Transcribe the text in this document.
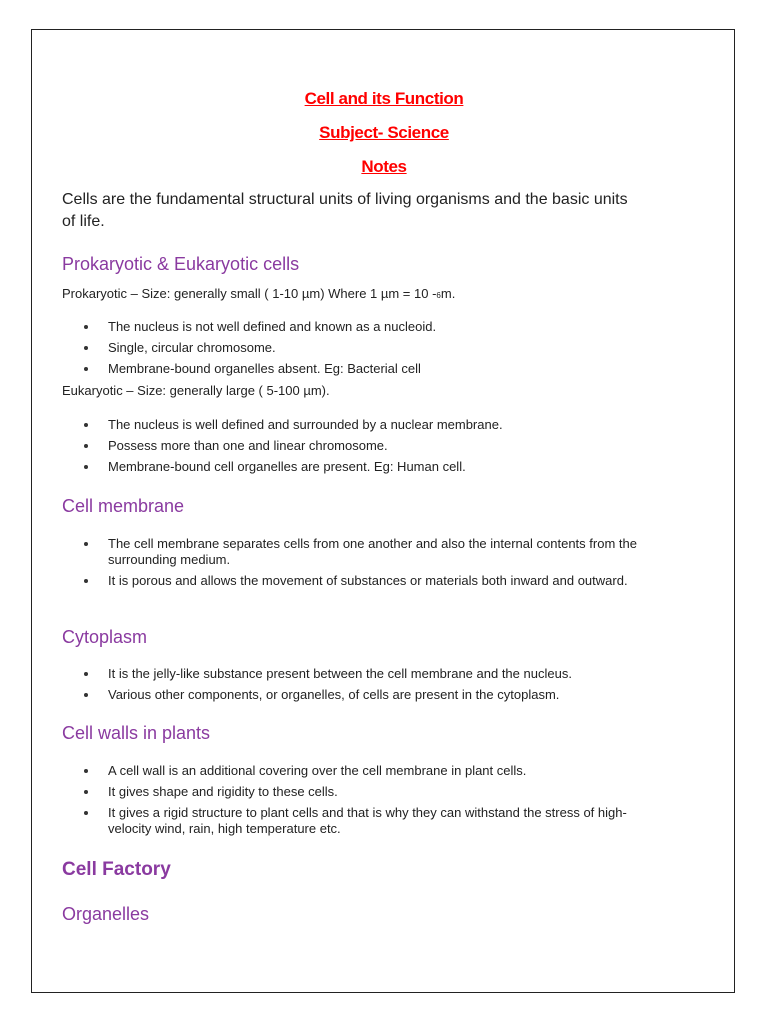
Cell and its Function
Subject- Science
Notes
Cells are the fundamental structural units of living organisms and the basic units of life.
Prokaryotic & Eukaryotic cells
Prokaryotic – Size: generally small ( 1-10 µm) Where 1 µm = 10 -6m.
The nucleus is not well defined and known as a nucleoid.
Single, circular chromosome.
Membrane-bound organelles absent. Eg: Bacterial cell
Eukaryotic – Size: generally large ( 5-100 µm).
The nucleus is well defined and surrounded by a nuclear membrane.
Possess more than one and linear chromosome.
Membrane-bound cell organelles are present. Eg: Human cell.
Cell membrane
The cell membrane separates cells from one another and also the internal contents from the surrounding medium.
It is porous and allows the movement of substances or materials both inward and outward.
Cytoplasm
It is the jelly-like substance present between the cell membrane and the nucleus.
Various other components, or organelles, of cells are present in the cytoplasm.
Cell walls in plants
A cell wall is an additional covering over the cell membrane in plant cells.
It gives shape and rigidity to these cells.
It gives a rigid structure to plant cells and that is why they can withstand the stress of high-velocity wind, rain, high temperature etc.
Cell Factory
Organelles
